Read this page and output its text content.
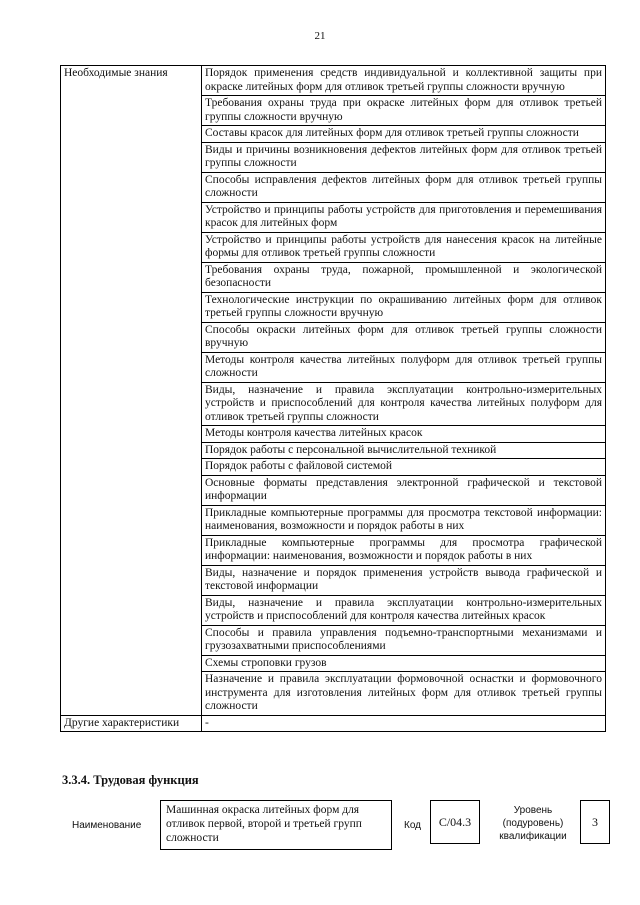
21
Необходимые знания	Порядок применения средств индивидуальной и коллективной защиты при окраске литейных форм для отливок третьей группы сложности вручную
	Требования охраны труда при окраске литейных форм для отливок третьей группы сложности вручную
	Составы красок для литейных форм для отливок третьей группы сложности
	Виды и причины возникновения дефектов литейных форм для отливок третьей группы сложности
	Способы исправления дефектов литейных форм для отливок третьей группы сложности
	Устройство и принципы работы устройств для приготовления и перемешивания красок для литейных форм
	Устройство и принципы работы устройств для нанесения красок на литейные формы для отливок третьей группы сложности
	Требования охраны труда, пожарной, промышленной и экологической безопасности
	Технологические инструкции по окрашиванию литейных форм для отливок третьей группы сложности вручную
	Способы окраски литейных форм для отливок третьей группы сложности вручную
	Методы контроля качества литейных полуформ для отливок третьей группы сложности
	Виды, назначение и правила эксплуатации контрольно-измерительных устройств и приспособлений для контроля качества литейных полуформ для отливок третьей группы сложности
	Методы контроля качества литейных красок
	Порядок работы с персональной вычислительной техникой
	Порядок работы с файловой системой
	Основные форматы представления электронной графической и текстовой информации
	Прикладные компьютерные программы для просмотра текстовой информации: наименования, возможности и порядок работы в них
	Прикладные компьютерные программы для просмотра графической информации: наименования, возможности и порядок работы в них
	Виды, назначение и порядок применения устройств вывода графической и текстовой информации
	Виды, назначение и правила эксплуатации контрольно-измерительных устройств и приспособлений для контроля качества литейных красок
	Способы и правила управления подъемно-транспортными механизмами и грузозахватными приспособлениями
	Схемы строповки грузов
	Назначение и правила эксплуатации формовочной оснастки и формовочного инструмента для изготовления литейных форм для отливок третьей группы сложности
Другие характеристики	-
3.3.4. Трудовая функция
Наименование
Машинная окраска литейных форм для отливок первой, второй и третьей групп сложности
Код	С/04.3
Уровень (подуровень) квалификации
3
